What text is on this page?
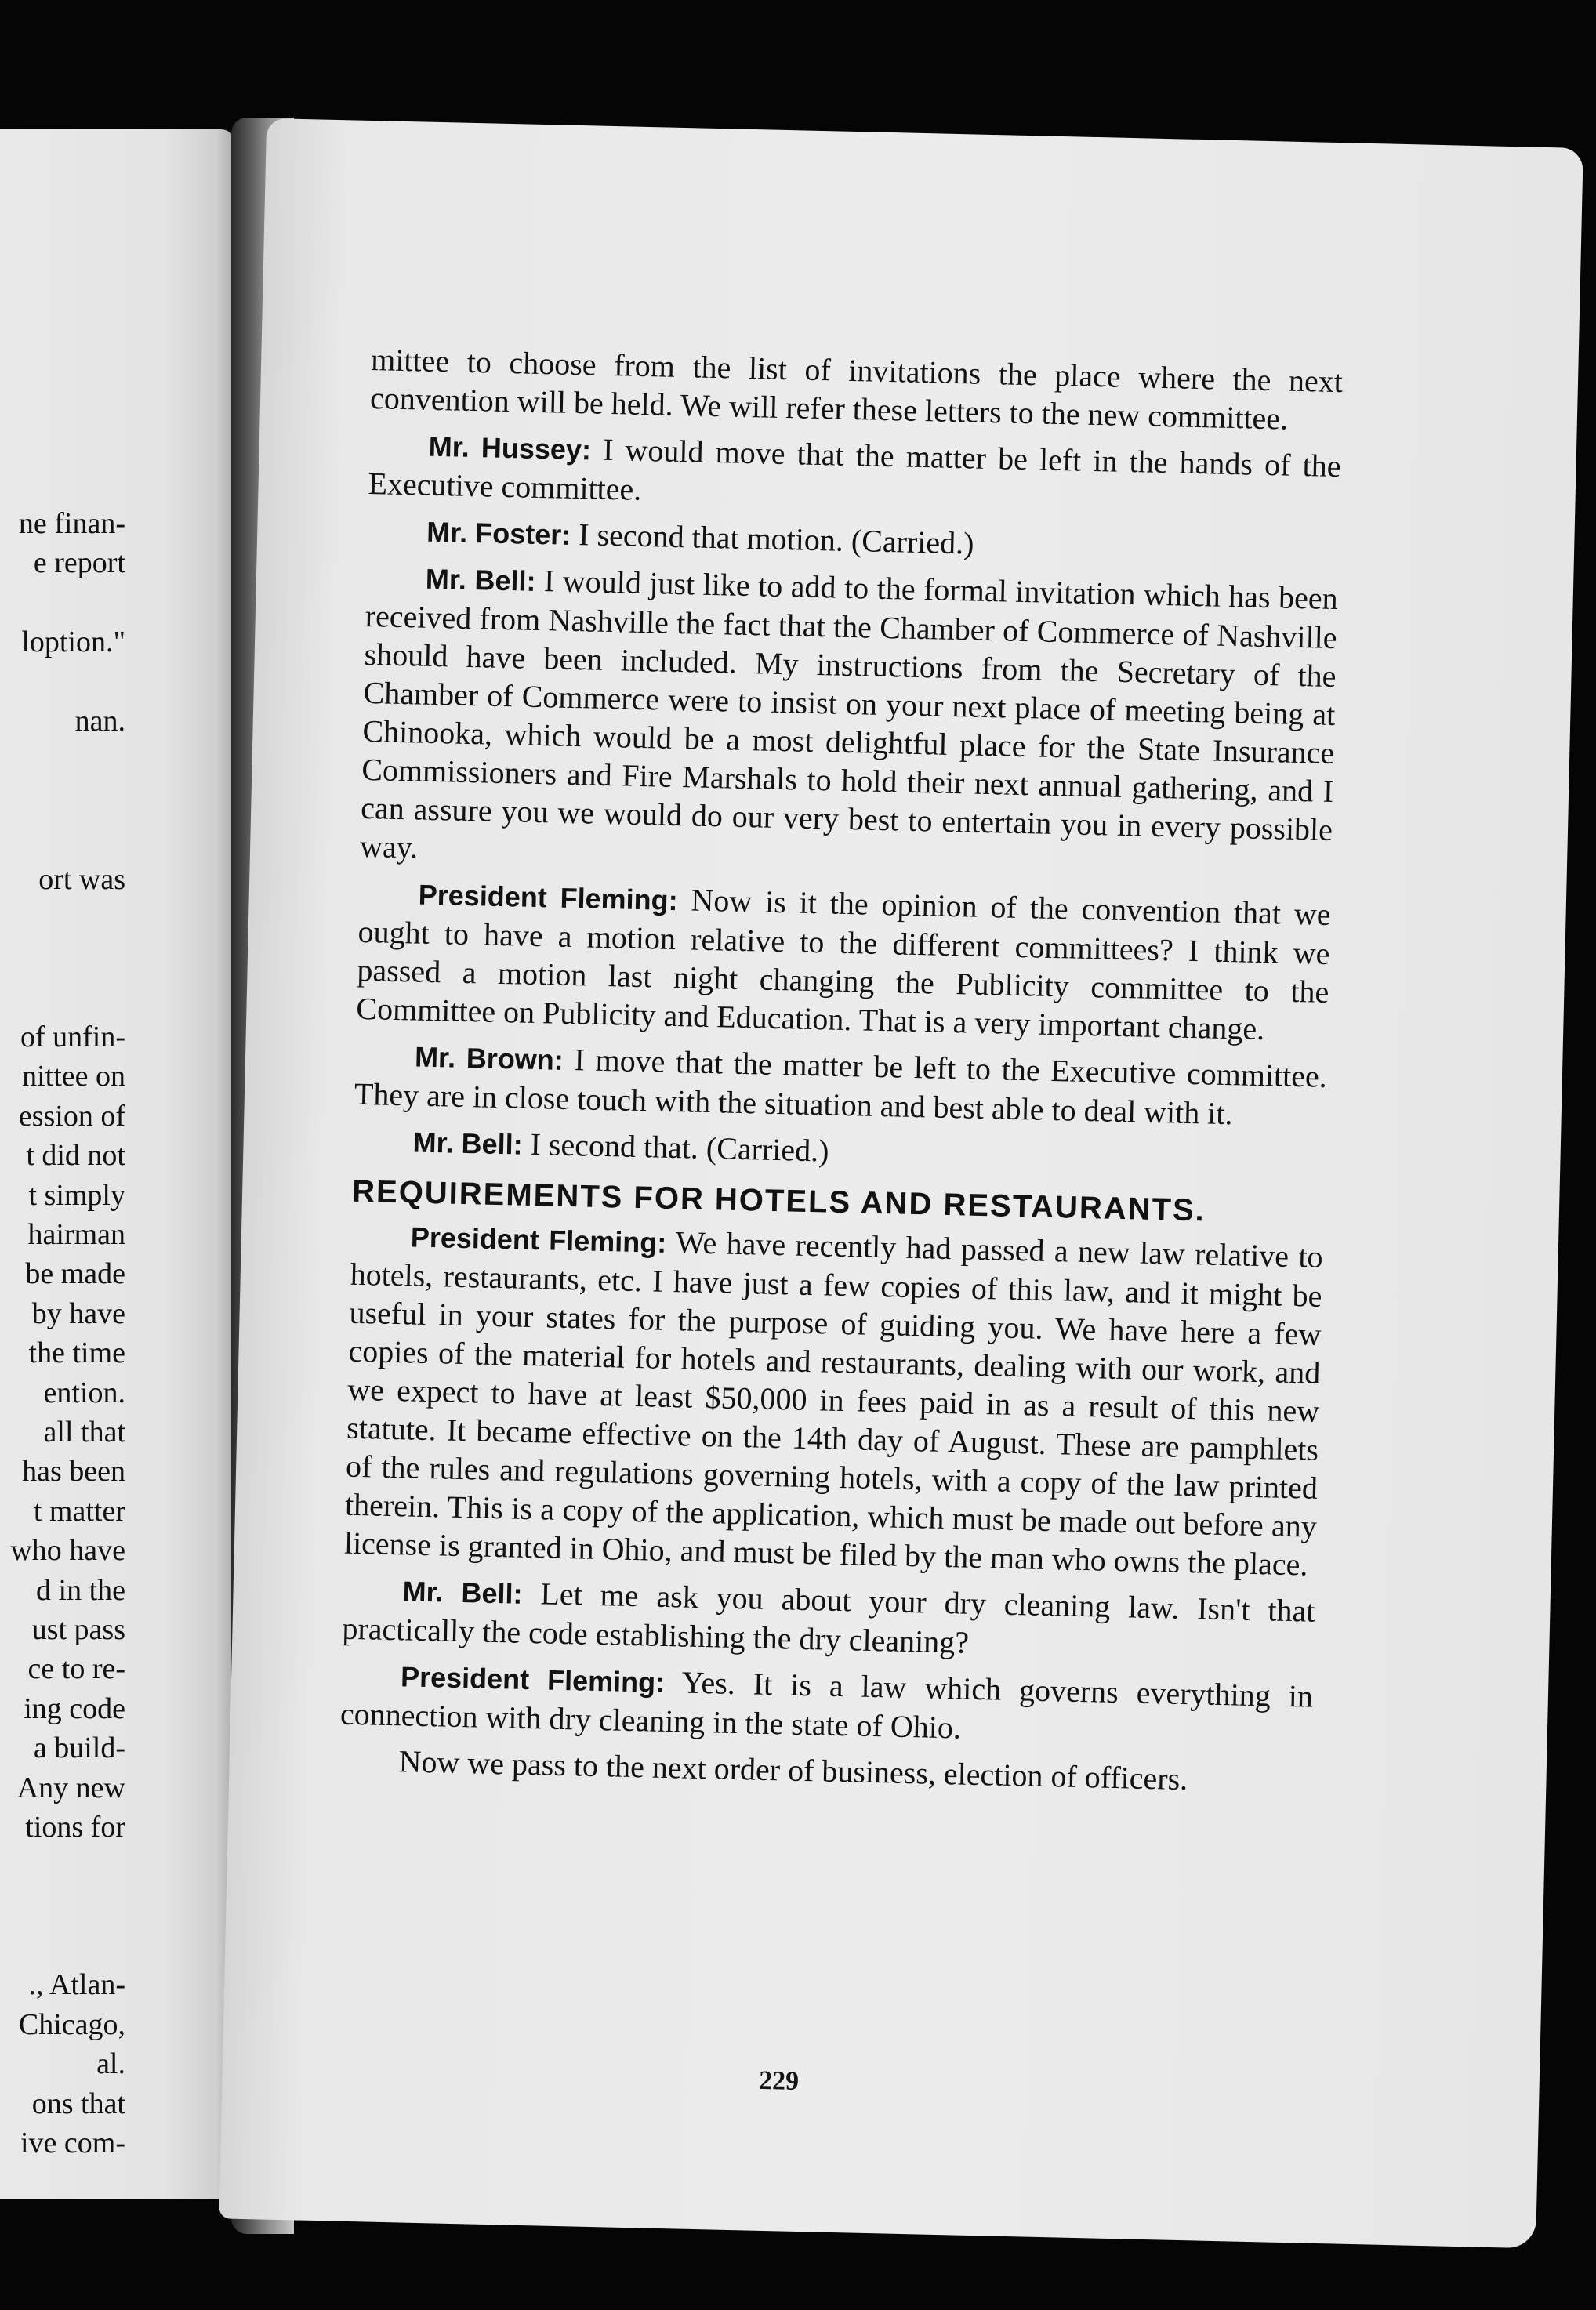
ne finan-
e report
loption."
nan.
ort was
of unfin-
nittee on
ession of
t did not
t simply
hairman
be made
by have
the time
ention.
all that
has been
t matter
who have
d in the
ust pass
ce to re-
ing code
a build-
Any new
tions for
., Atlan-
Chicago,
al.
ons that
ive com-

mittee to choose from the list of invitations the place where the next convention will be held. We will refer these letters to the new committee.

Mr. Hussey: I would move that the matter be left in the hands of the Executive committee.

Mr. Foster: I second that motion. (Carried.)

Mr. Bell: I would just like to add to the formal invitation which has been received from Nashville the fact that the Chamber of Commerce of Nashville should have been included. My instructions from the Secretary of the Chamber of Commerce were to insist on your next place of meeting being at Chinooka, which would be a most delightful place for the State Insurance Commissioners and Fire Marshals to hold their next annual gathering, and I can assure you we would do our very best to entertain you in every possible way.

President Fleming: Now is it the opinion of the convention that we ought to have a motion relative to the different committees? I think we passed a motion last night changing the Publicity committee to the Committee on Publicity and Education. That is a very important change.

Mr. Brown: I move that the matter be left to the Executive committee. They are in close touch with the situation and best able to deal with it.

Mr. Bell: I second that. (Carried.)

REQUIREMENTS FOR HOTELS AND RESTAURANTS.

President Fleming: We have recently had passed a new law relative to hotels, restaurants, etc. I have just a few copies of this law, and it might be useful in your states for the purpose of guiding you. We have here a few copies of the material for hotels and restaurants, dealing with our work, and we expect to have at least $50,000 in fees paid in as a result of this new statute. It became effective on the 14th day of August. These are pamphlets of the rules and regulations governing hotels, with a copy of the law printed therein. This is a copy of the application, which must be made out before any license is granted in Ohio, and must be filed by the man who owns the place.

Mr. Bell: Let me ask you about your dry cleaning law. Isn't that practically the code establishing the dry cleaning?

President Fleming: Yes. It is a law which governs everything in connection with dry cleaning in the state of Ohio.

Now we pass to the next order of business, election of officers.

229
